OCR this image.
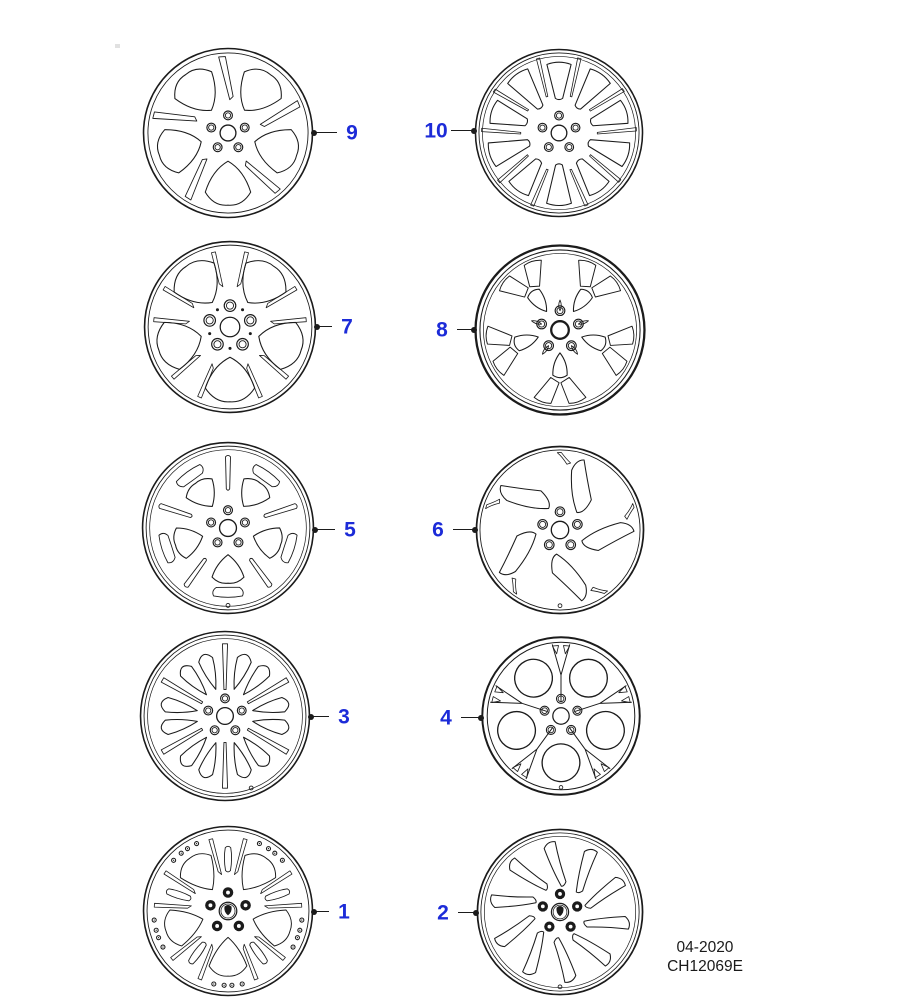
9	10
7	8
5	6
3	4
1	2
04-2020
CH12069E
